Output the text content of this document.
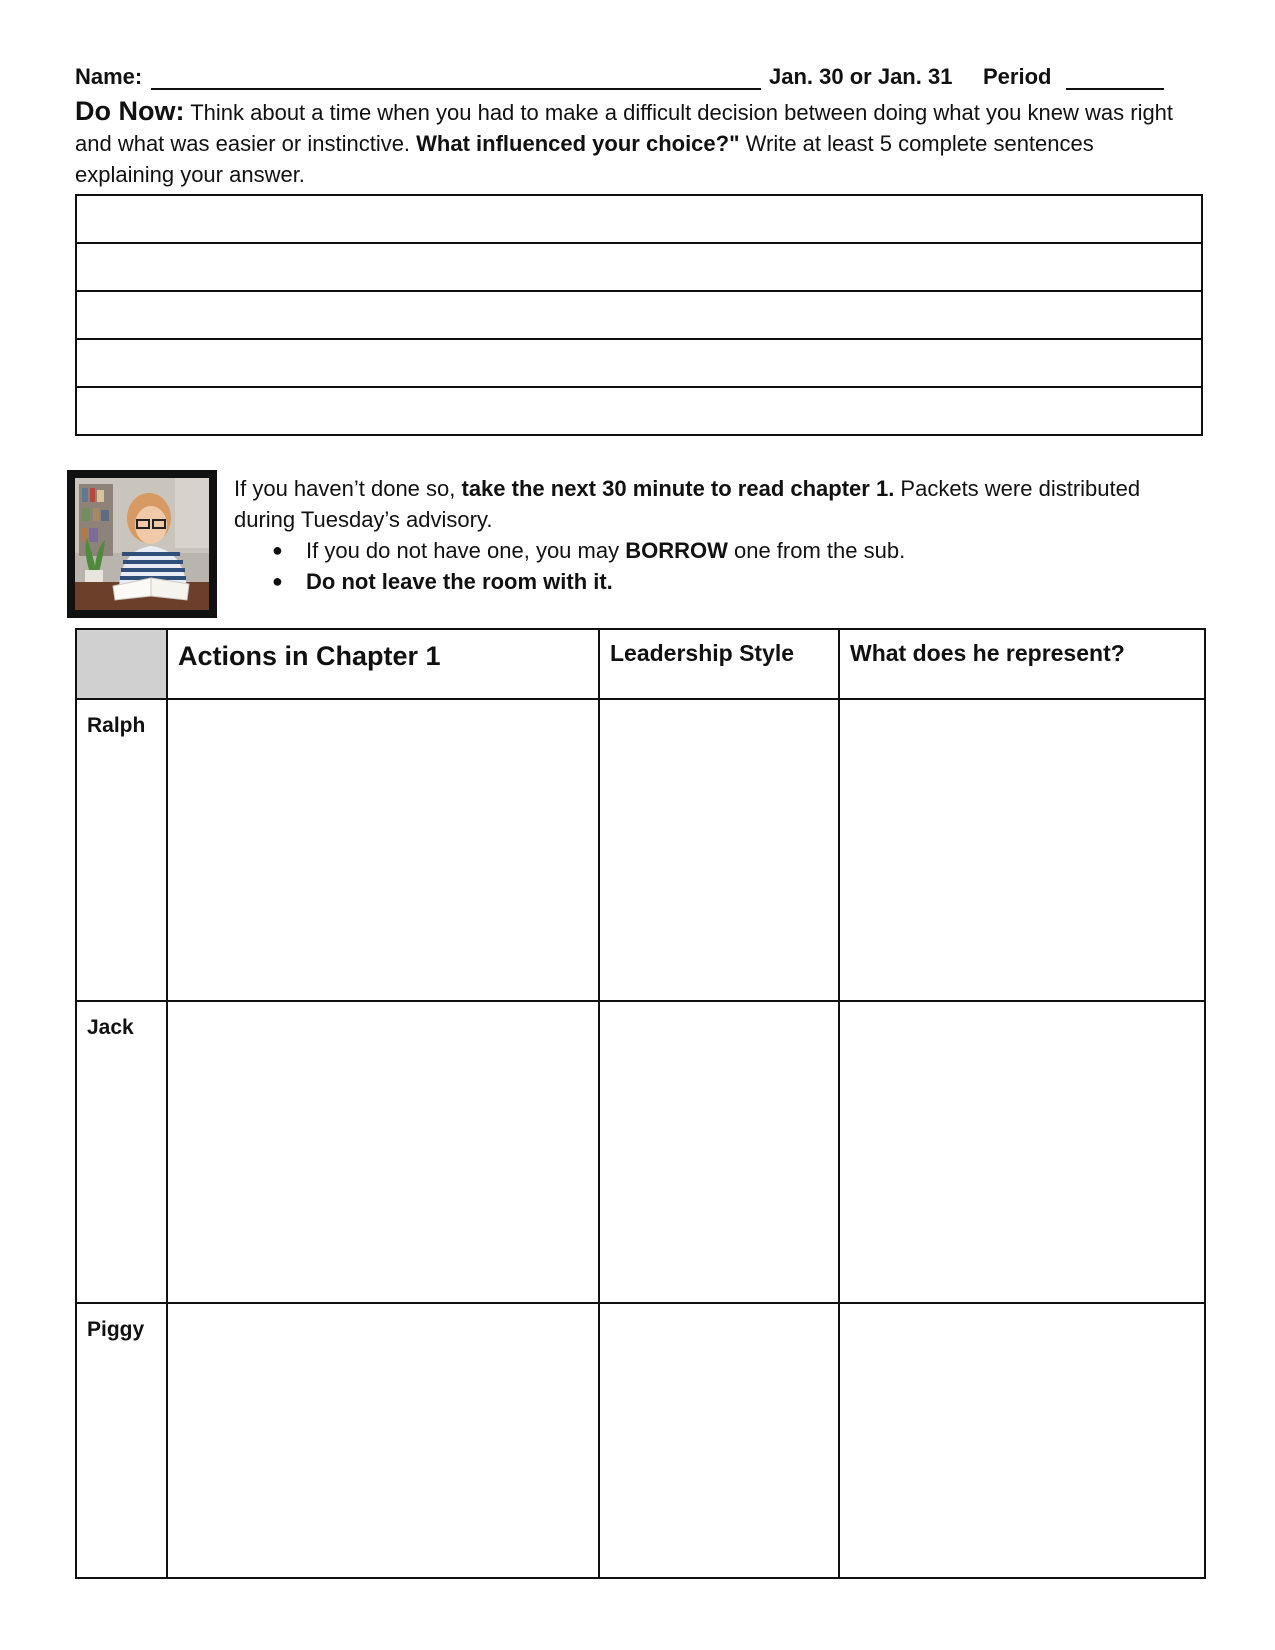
Name:	Jan. 30 or Jan. 31 Period
Do Now: Think about a time when you had to make a difficult decision between doing what you knew was right and what was easier or instinctive. What influenced your choice?" Write at least 5 complete sentences explaining your answer.

If you haven’t done so, take the next 30 minute to read chapter 1. Packets were distributed during Tuesday’s advisory.
● If you do not have one, you may BORROW one from the sub.
● Do not leave the room with it.
	Actions in Chapter 1	Leadership Style	What does he represent?
Ralph			
Jack			
Piggy			
